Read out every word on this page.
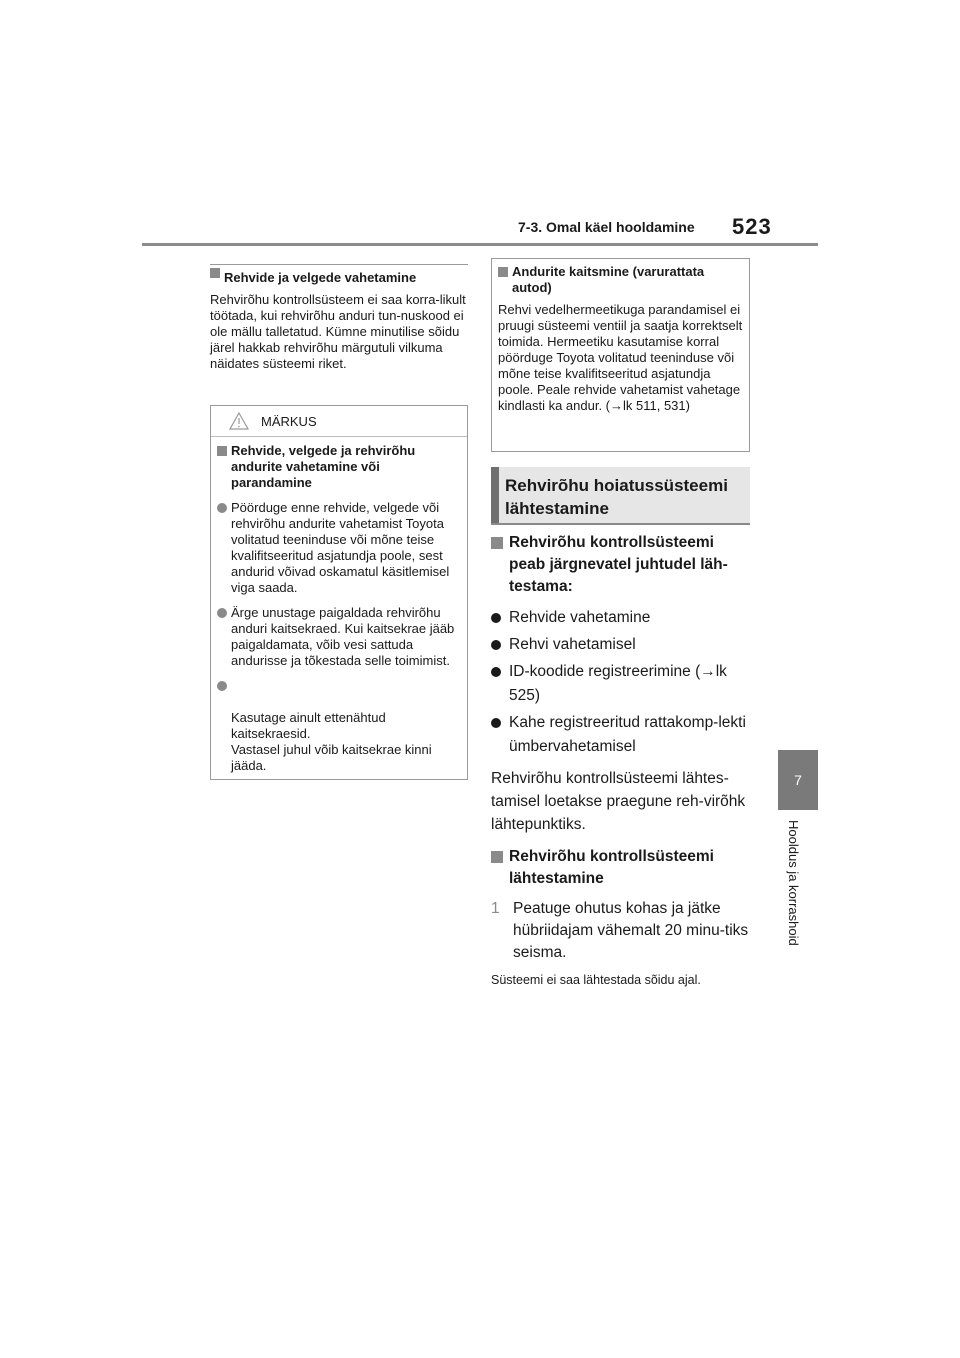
7-3. Omal käel hooldamine 523
7
Hooldus ja korrashoid
Rehvide ja velgede vahetamine
Rehvirõhu kontrollsüsteem ei saa korra-likult töötada, kui rehvirõhu anduri tun-nuskood ei ole mällu talletatud. Kümne minutilise sõidu järel hakkab rehvirõhu märgutuli vilkuma näidates süsteemi riket.
MÄRKUS
Rehvide, velgede ja rehvirõhu andurite vahetamine või parandamine
Pöörduge enne rehvide, velgede või rehvirõhu andurite vahetamist Toyota volitatud teeninduse või mõne teise kvalifitseeritud asjatundja poole, sest andurid võivad oskamatul käsitlemisel viga saada.
Ärge unustage paigaldada rehvirõhu anduri kaitsekraed. Kui kaitsekrae jääb paigaldamata, võib vesi sattuda andurisse ja tõkestada selle toimimist.

Kasutage ainult ettenähtud kaitsekraesid.
Vastasel juhul võib kaitsekrae kinni jääda.

Andurite kaitsmine (varurattata autod)
Rehvi vedelhermeetikuga parandamisel ei pruugi süsteemi ventiil ja saatja korrektselt toimida. Hermeetiku kasutamise korral pöörduge Toyota volitatud teeninduse või mõne teise kvalifitseeritud asjatundja poole. Peale rehvide vahetamist vahetage kindlasti ka andur. (→lk 511, 531)
Rehvirõhu hoiatussüsteemi lähtestamine
Rehvirõhu kontrollsüsteemi peab järgnevatel juhtudel läh-testama:
Rehvide vahetamine
Rehvi vahetamisel
ID-koodide registreerimine (→lk 525)
Kahe registreeritud rattakomp-lekti ümbervahetamisel
Rehvirõhu kontrollsüsteemi lähtes-tamisel loetakse praegune reh-virõhk lähtepunktiks.
Rehvirõhu kontrollsüsteemi lähtestamine
1 Peatuge ohutus kohas ja jätke hübriidajam vähemalt 20 minu-tiks seisma.
Süsteemi ei saa lähtestada sõidu ajal.
